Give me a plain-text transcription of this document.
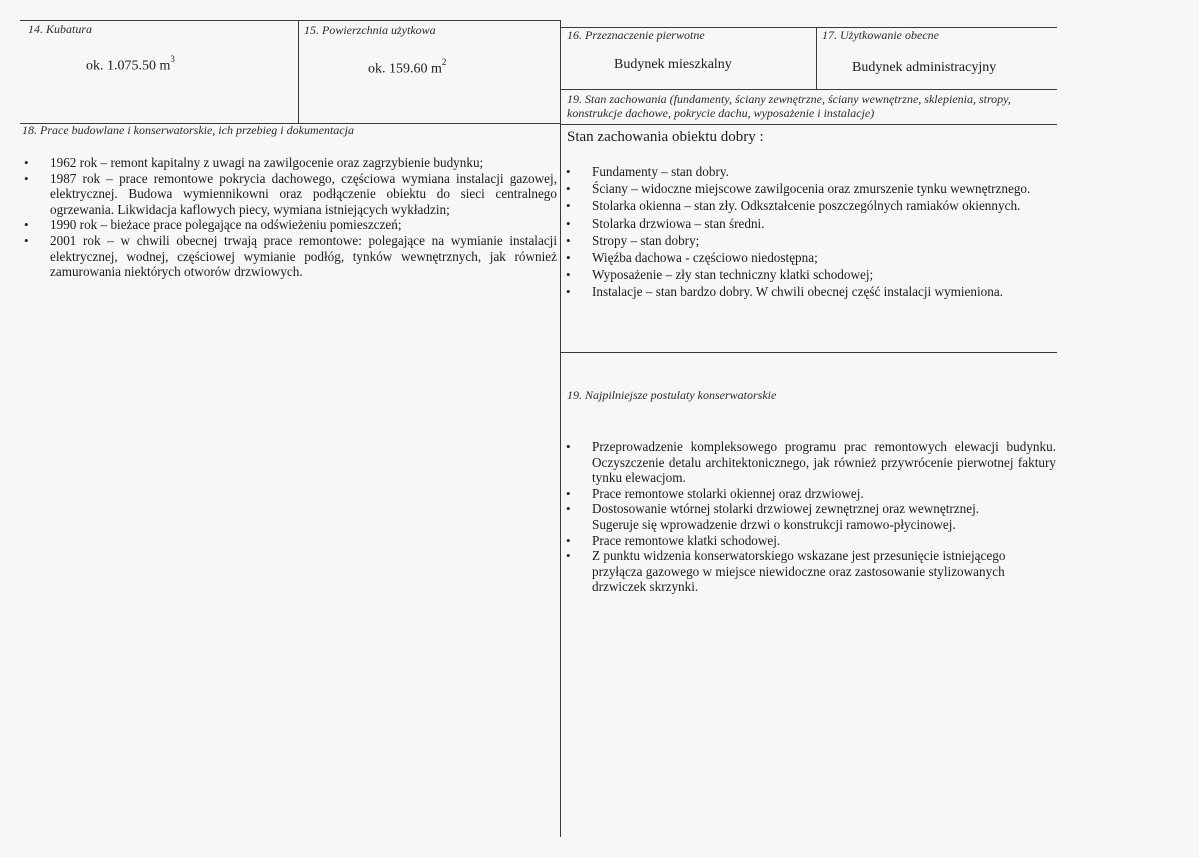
14. Kubatura
ok. 1.075.50 $m^3$
15. Powierzchnia użytkowa
ok. 159.60 $m^2$
16. Przeznaczenie pierwotne
Budynek mieszkalny
17. Użytkowanie obecne
Budynek administracyjny
19. Stan zachowania (fundamenty, ściany zewnętrzne, ściany wewnętrzne, sklepienia, stropy, konstrukcje dachowe, pokrycie dachu, wyposażenie i instalacje)
Stan zachowania obiektu dobry :
• Fundamenty – stan dobry.
• Ściany – widoczne miejscowe zawilgocenia oraz zmurszenie tynku wewnętrznego.
• Stolarka okienna – stan zły. Odkształcenie poszczególnych ramiaków okiennych.
• Stolarka drzwiowa – stan średni.
• Stropy – stan dobry;
• Więźba dachowa - częściowo niedostępna;
• Wyposażenie – zły stan techniczny klatki schodowej;
• Instalacje – stan bardzo dobry. W chwili obecnej część instalacji wymieniona.
18. Prace budowlane i konserwatorskie, ich przebieg i dokumentacja
• 1962 rok – remont kapitalny z uwagi na zawilgocenie oraz zagrzybienie budynku;
• 1987 rok – prace remontowe pokrycia dachowego, częściowa wymiana instalacji gazowej, elektrycznej. Budowa wymiennikowni oraz podłączenie obiektu do sieci centralnego ogrzewania. Likwidacja kaflowych piecy, wymiana istniejących wykładzin;
• 1990 rok – bieżace prace polegające na odświeżeniu pomieszczeń;
• 2001 rok – w chwili obecnej trwają prace remontowe: polegające na wymianie instalacji elektrycznej, wodnej, częściowej wymianie podłóg, tynków wewnętrznych, jak również zamurowania niektórych otworów drzwiowych.
19. Najpilniejsze postulaty konserwatorskie
• Przeprowadzenie kompleksowego programu prac remontowych elewacji budynku. Oczyszczenie detalu architektonicznego, jak również przywrócenie pierwotnej faktury tynku elewacjom.
• Prace remontowe stolarki okiennej oraz drzwiowej.
• Dostosowanie wtórnej stolarki drzwiowej zewnętrznej oraz wewnętrznej. Sugeruje się wprowadzenie drzwi o konstrukcji ramowo-płycinowej.
• Prace remontowe klatki schodowej.
• Z punktu widzenia konserwatorskiego wskazane jest przesunięcie istniejącego przyłącza gazowego w miejsce niewidoczne oraz zastosowanie stylizowanych drzwiczek skrzynki.
